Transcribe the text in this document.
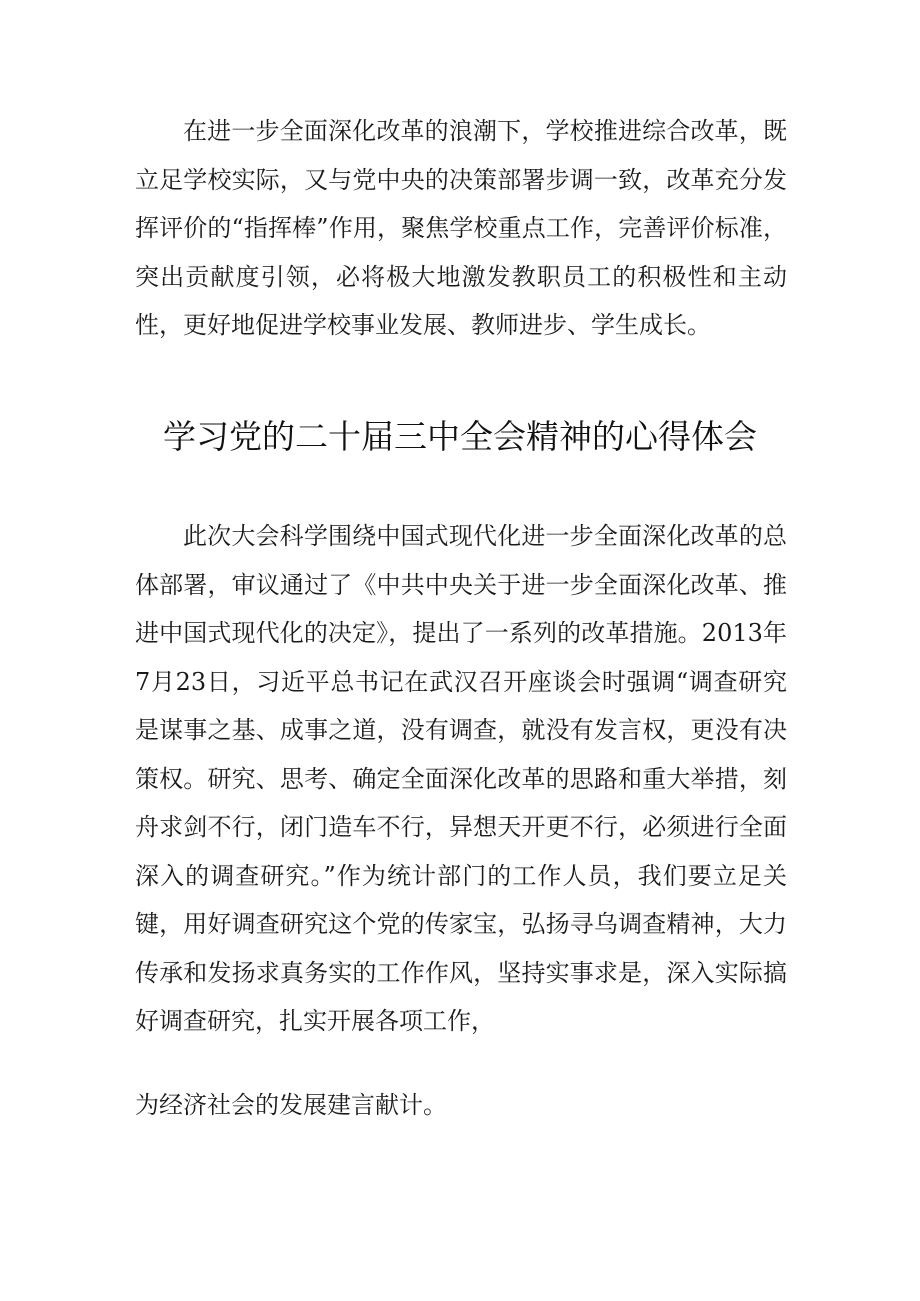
在进一步全面深化改革的浪潮下，学校推进综合改革，既立足学校实际，又与党中央的决策部署步调一致，改革充分发挥评价的“指挥棒”作用，聚焦学校重点工作，完善评价标准，突出贡献度引领，必将极大地激发教职员工的积极性和主动性，更好地促进学校事业发展、教师进步、学生成长。

学习党的二十届三中全会精神的心得体会

此次大会科学围绕中国式现代化进一步全面深化改革的总体部署，审议通过了《中共中央关于进一步全面深化改革、推进中国式现代化的决定》，提出了一系列的改革措施。2013年7月23日，习近平总书记在武汉召开座谈会时强调“调查研究是谋事之基、成事之道，没有调查，就没有发言权，更没有决策权。研究、思考、确定全面深化改革的思路和重大举措，刻舟求剑不行，闭门造车不行，异想天开更不行，必须进行全面深入的调查研究。”作为统计部门的工作人员，我们要立足关键，用好调查研究这个党的传家宝，弘扬寻乌调查精神，大力传承和发扬求真务实的工作作风，坚持实事求是，深入实际搞好调查研究，扎实开展各项工作，

为经济社会的发展建言献计。
